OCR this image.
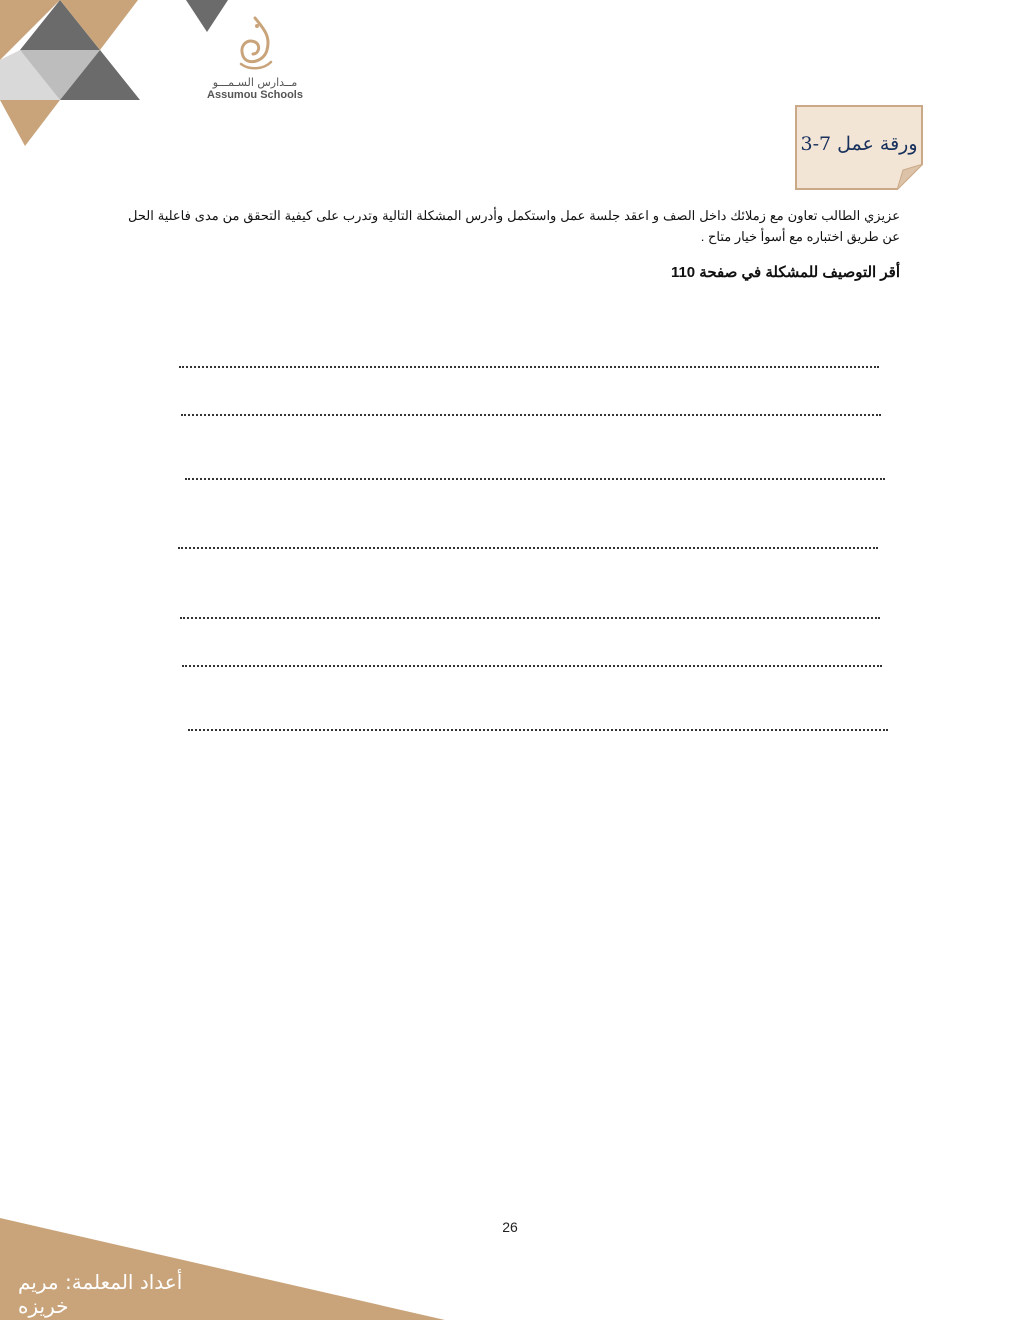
مــدارس السـمـــو
Assumou Schools
ورقة عمل 7-3
عزيزي الطالب تعاون مع زملائك داخل الصف و اعقد جلسة عمل واستكمل وأدرس المشكلة التالية وتدرب على كيفية التحقق من مدى فاعلية الحل عن طريق اختباره مع أسوأ خيار متاح .
أقر التوصيف للمشكلة في صفحة 110
26
أعداد المعلمة: مريم خريزه
